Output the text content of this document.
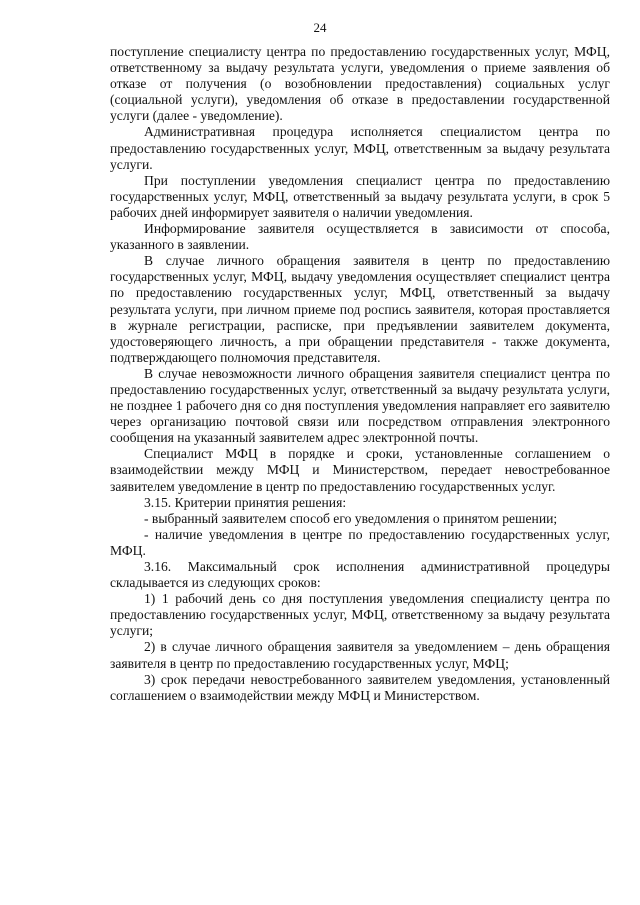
24

поступление специалисту центра по предоставлению государственных услуг, МФЦ, ответственному за выдачу результата услуги, уведомления о приеме заявления об отказе от получения (о возобновлении предоставления) социальных услуг (социальной услуги), уведомления об отказе в предоставлении государственной услуги (далее - уведомление).

Административная процедура исполняется специалистом центра по предоставлению государственных услуг, МФЦ, ответственным за выдачу результата услуги.

При поступлении уведомления специалист центра по предоставлению государственных услуг, МФЦ, ответственный за выдачу результата услуги, в срок 5 рабочих дней информирует заявителя о наличии уведомления.

Информирование заявителя осуществляется в зависимости от способа, указанного в заявлении.

В случае личного обращения заявителя в центр по предоставлению государственных услуг, МФЦ, выдачу уведомления осуществляет специалист центра по предоставлению государственных услуг, МФЦ, ответственный за выдачу результата услуги, при личном приеме под роспись заявителя, которая проставляется в журнале регистрации, расписке, при предъявлении заявителем документа, удостоверяющего личность, а при обращении представителя - также документа, подтверждающего полномочия представителя.

В случае невозможности личного обращения заявителя специалист центра по предоставлению государственных услуг, ответственный за выдачу результата услуги, не позднее 1 рабочего дня со дня поступления уведомления направляет его заявителю через организацию почтовой связи или посредством отправления электронного сообщения на указанный заявителем адрес электронной почты.

Специалист МФЦ в порядке и сроки, установленные соглашением о взаимодействии между МФЦ и Министерством, передает невостребованное заявителем уведомление в центр по предоставлению государственных услуг.

3.15. Критерии принятия решения:

- выбранный заявителем способ его уведомления о принятом решении;

- наличие уведомления в центре по предоставлению государственных услуг, МФЦ.

3.16. Максимальный срок исполнения административной процедуры складывается из следующих сроков:

1) 1 рабочий день со дня поступления уведомления специалисту центра по предоставлению государственных услуг, МФЦ, ответственному за выдачу результата услуги;

2) в случае личного обращения заявителя за уведомлением – день обращения заявителя в центр по предоставлению государственных услуг, МФЦ;

3) срок передачи невостребованного заявителем уведомления, установленный соглашением о взаимодействии между МФЦ и Министерством.
